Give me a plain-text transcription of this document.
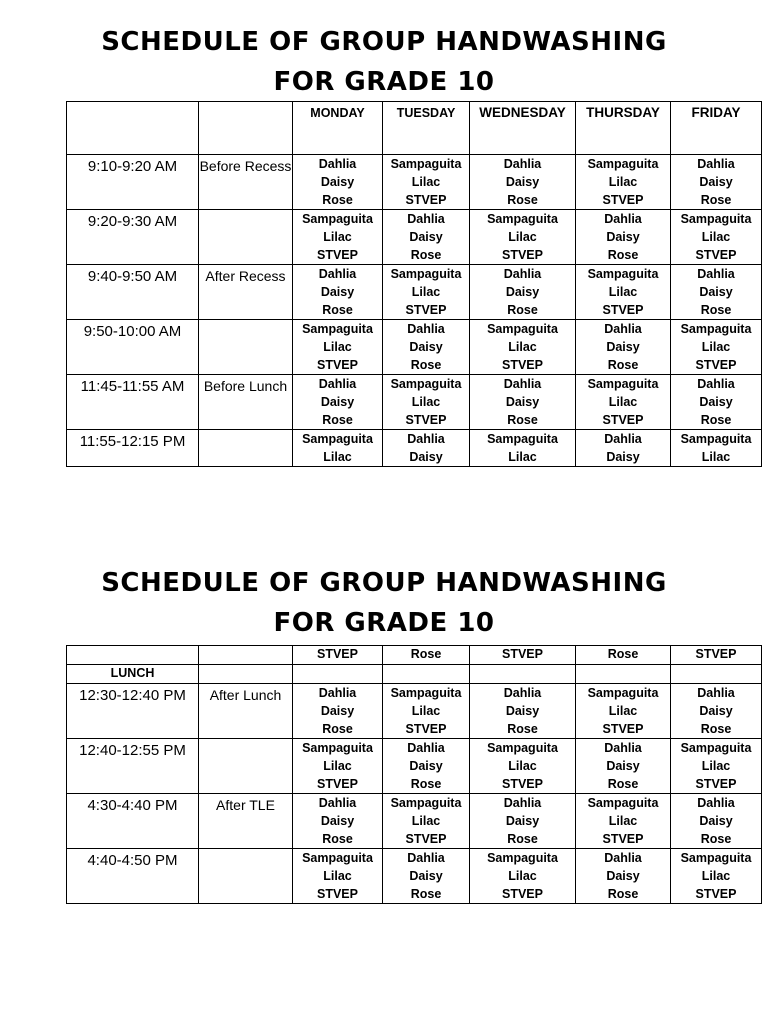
SCHEDULE OF GROUP HANDWASHING
FOR GRADE 10
		MONDAY	TUESDAY	WEDNESDAY	THURSDAY	FRIDAY
9:10-9:20 AM	Before Recess	Dahlia
Daisy
Rose	Sampaguita
Lilac
STVEP	Dahlia
Daisy
Rose	Sampaguita
Lilac
STVEP	Dahlia
Daisy
Rose

9:20-9:30 AM		Sampaguita
Lilac
STVEP	Dahlia
Daisy
Rose	Sampaguita
Lilac
STVEP	Dahlia
Daisy
Rose	Sampaguita
Lilac
STVEP

9:40-9:50 AM	After Recess	Dahlia
Daisy
Rose	Sampaguita
Lilac
STVEP	Dahlia
Daisy
Rose	Sampaguita
Lilac
STVEP	Dahlia
Daisy
Rose

9:50-10:00 AM		Sampaguita
Lilac
STVEP	Dahlia
Daisy
Rose	Sampaguita
Lilac
STVEP	Dahlia
Daisy
Rose	Sampaguita
Lilac
STVEP

11:45-11:55 AM	Before Lunch	Dahlia
Daisy
Rose	Sampaguita
Lilac
STVEP	Dahlia
Daisy
Rose	Sampaguita
Lilac
STVEP	Dahlia
Daisy
Rose

11:55-12:15 PM		Sampaguita
Lilac	Dahlia
Daisy	Sampaguita
Lilac	Dahlia
Daisy	Sampaguita
Lilac
SCHEDULE OF GROUP HANDWASHING
FOR GRADE 10
		STVEP	Rose	STVEP	Rose	STVEP
LUNCH						
12:30-12:40 PM	After Lunch	Dahlia
Daisy
Rose	Sampaguita
Lilac
STVEP	Dahlia
Daisy
Rose	Sampaguita
Lilac
STVEP	Dahlia
Daisy
Rose

12:40-12:55 PM		Sampaguita
Lilac
STVEP	Dahlia
Daisy
Rose	Sampaguita
Lilac
STVEP	Dahlia
Daisy
Rose	Sampaguita
Lilac
STVEP

4:30-4:40 PM	After TLE	Dahlia
Daisy
Rose	Sampaguita
Lilac
STVEP	Dahlia
Daisy
Rose	Sampaguita
Lilac
STVEP	Dahlia
Daisy
Rose

4:40-4:50 PM		Sampaguita
Lilac
STVEP	Dahlia
Daisy
Rose	Sampaguita
Lilac
STVEP	Dahlia
Daisy
Rose	Sampaguita
Lilac
STVEP
